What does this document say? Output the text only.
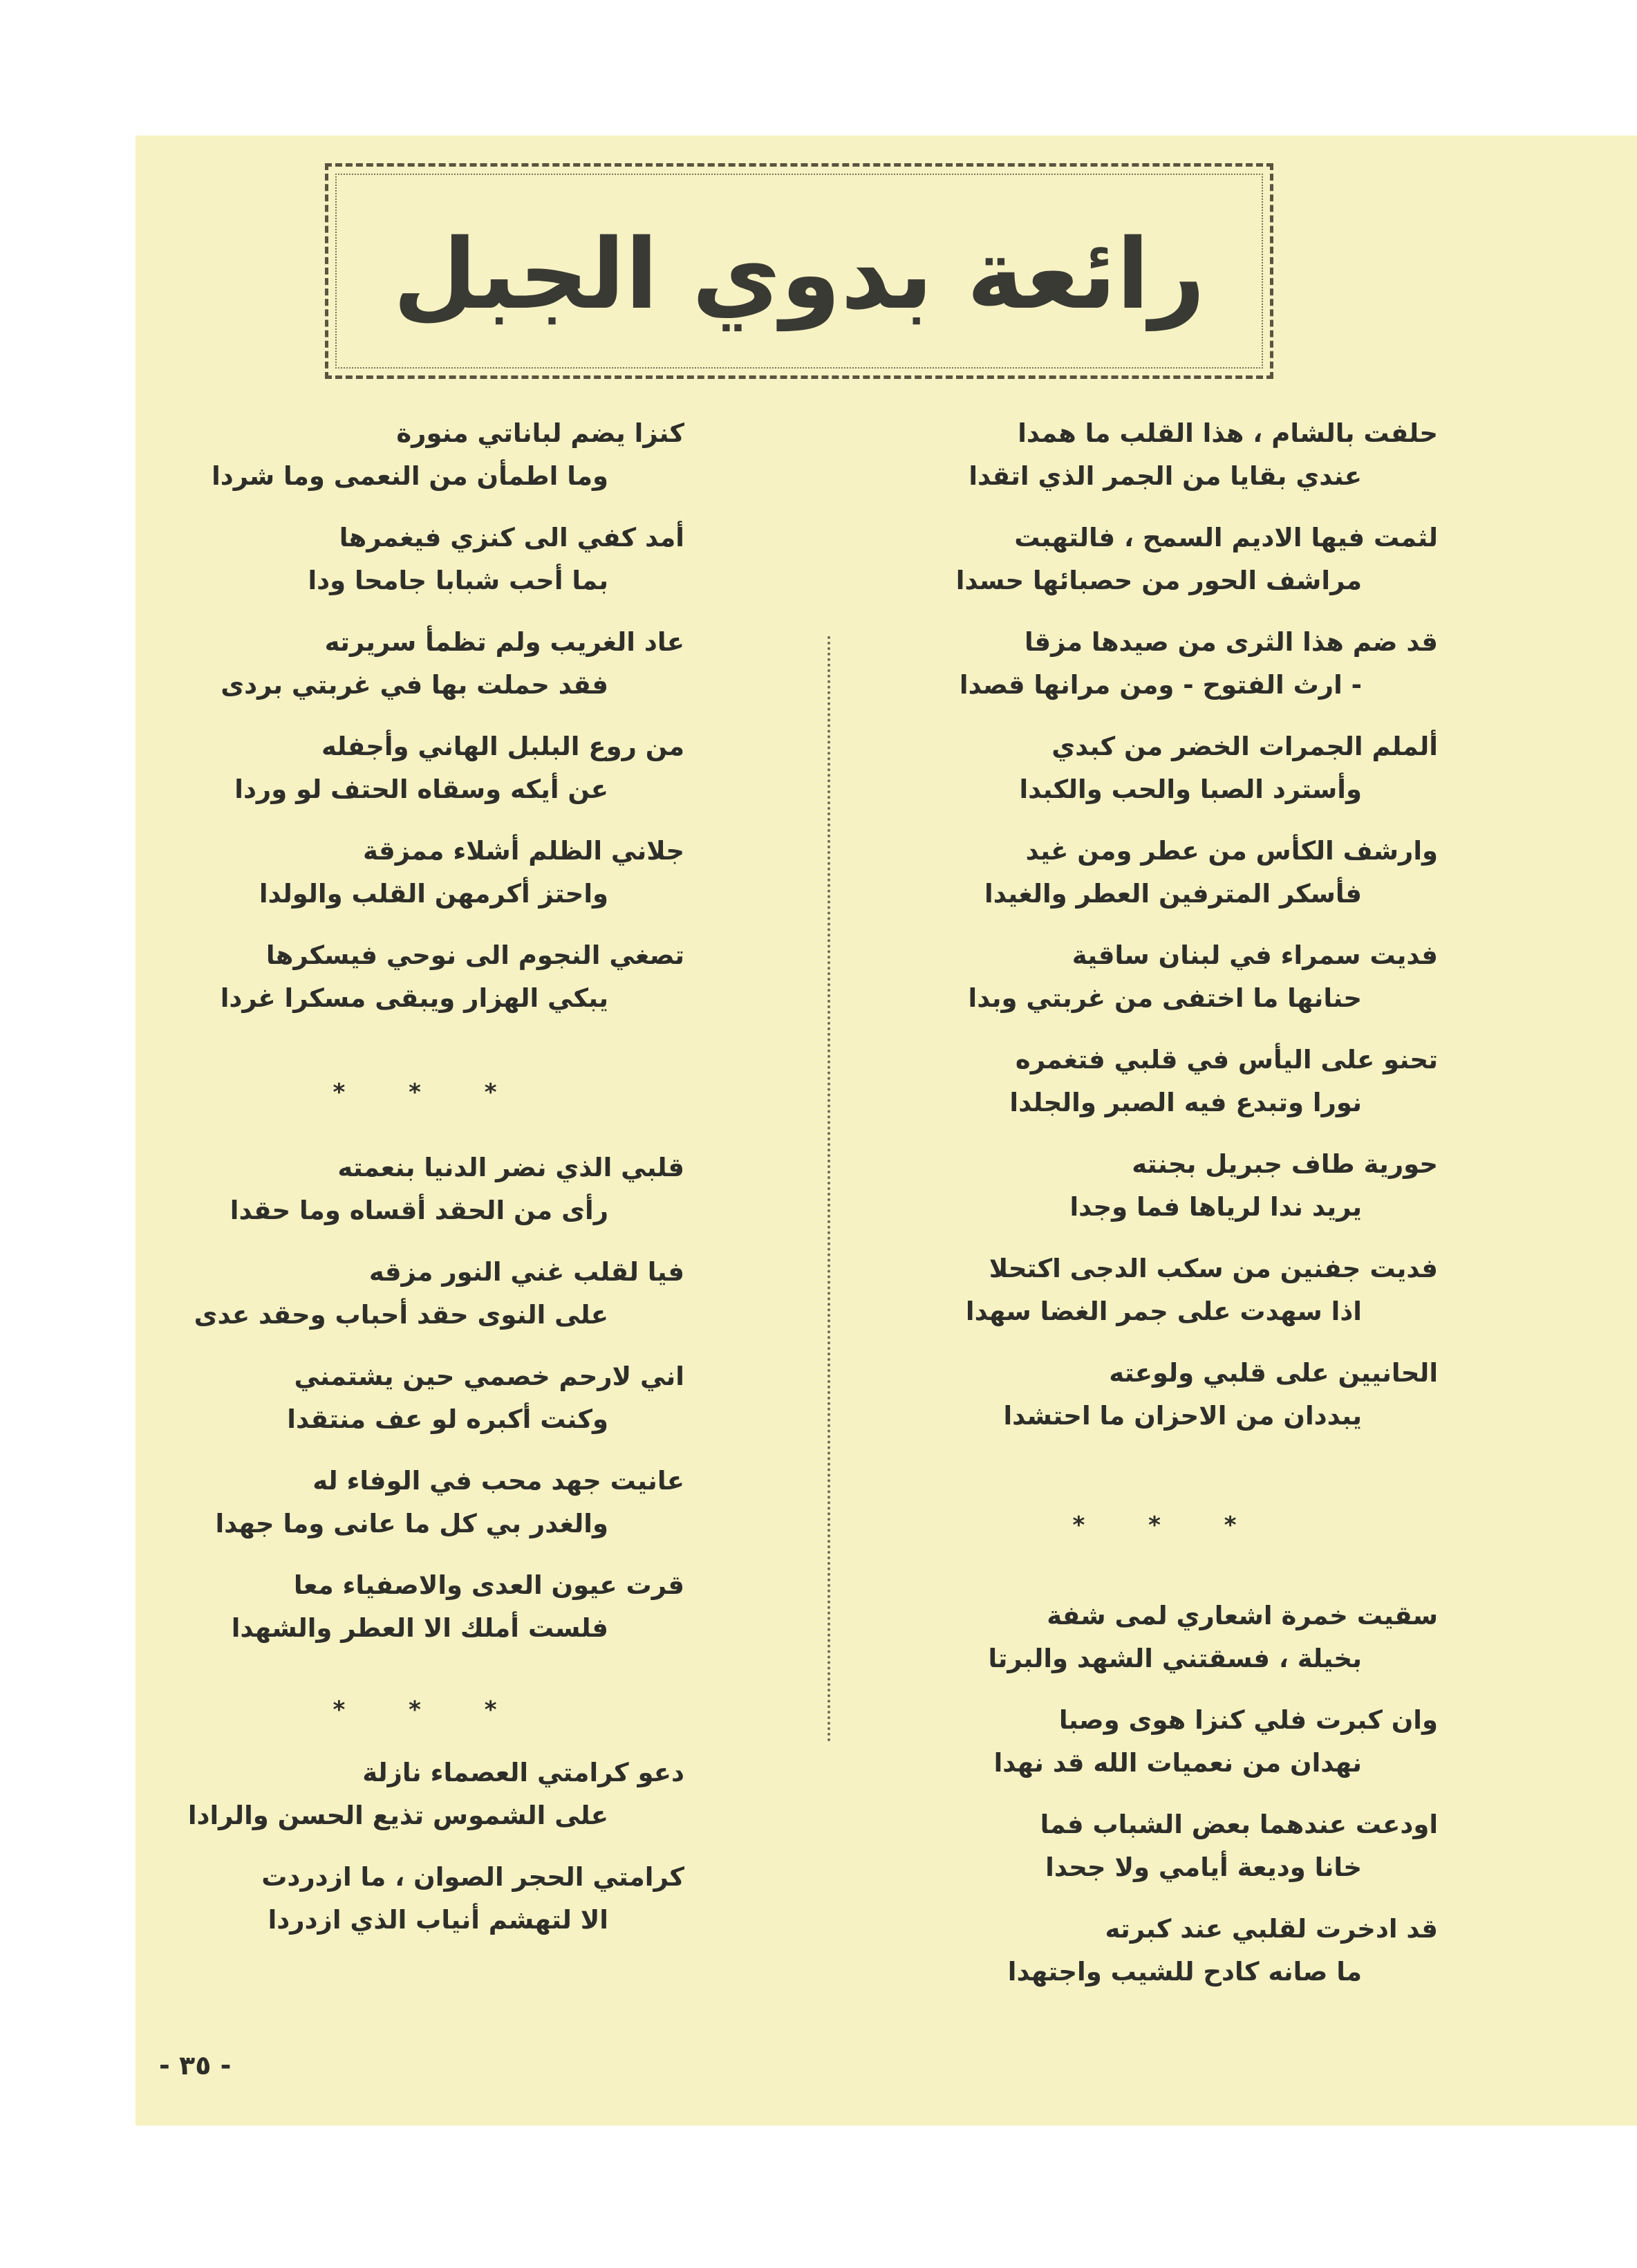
رائعة بدوي الجبل
حلفت بالشام ، هذا القلب ما همدا
عندي بقايا من الجمر الذي اتقدا
لثمت فيها الاديم السمح ، فالتهبت
مراشف الحور من حصبائها حسدا
قد ضم هذا الثرى من صيدها مزقا
- ارث الفتوح - ومن مرانها قصدا
ألملم الجمرات الخضر من كبدي
وأسترد الصبا والحب والكبدا
وارشف الكأس من عطر ومن غيد
فأسكر المترفين العطر والغيدا
فديت سمراء في لبنان ساقية
حنانها ما اختفى من غربتي وبدا
تحنو على اليأس في قلبي فتغمره
نورا وتبدع فيه الصبر والجلدا
حورية طاف جبريل بجنته
يريد ندا لرياها فما وجدا
فديت جفنين من سكب الدجى اكتحلا
اذا سهدت على جمر الغضا سهدا
الحانيين على قلبي ولوعته
يبددان من الاحزان ما احتشدا
* * *
سقيت خمرة اشعاري لمى شفة
بخيلة ، فسقتني الشهد والبرتا
وان كبرت فلي كنزا هوى وصبا
نهدان من نعميات الله قد نهدا
اودعت عندهما بعض الشباب فما
خانا وديعة أيامي ولا جحدا
قد ادخرت لقلبي عند كبرته
ما صانه كادح للشيب واجتهدا
كنزا يضم لباناتي منورة
وما اطمأن من النعمى وما شردا
أمد كفي الى كنزي فيغمرها
بما أحب شبابا جامحا ودا
عاد الغريب ولم تظمأ سريرته
فقد حملت بها في غربتي بردى
من روع البلبل الهاني وأجفله
عن أيكه وسقاه الحتف لو وردا
جلاني الظلم أشلاء ممزقة
واحتز أكرمهن القلب والولدا
تصغي النجوم الى نوحي فيسكرها
يبكي الهزار ويبقى مسكرا غردا
* * *
قلبي الذي نضر الدنيا بنعمته
رأى من الحقد أقساه وما حقدا
فيا لقلب غني النور مزقه
على النوى حقد أحباب وحقد عدى
اني لارحم خصمي حين يشتمني
وكنت أكبره لو عف منتقدا
عانيت جهد محب في الوفاء له
والغدر بي كل ما عانى وما جهدا
قرت عيون العدى والاصفياء معا
فلست أملك الا العطر والشهدا
* * *
دعو كرامتي العصماء نازلة
على الشموس تذيع الحسن والرادا
كرامتي الحجر الصوان ، ما ازدردت
الا لتهشم أنياب الذي ازدردا
- ٣٥ -
